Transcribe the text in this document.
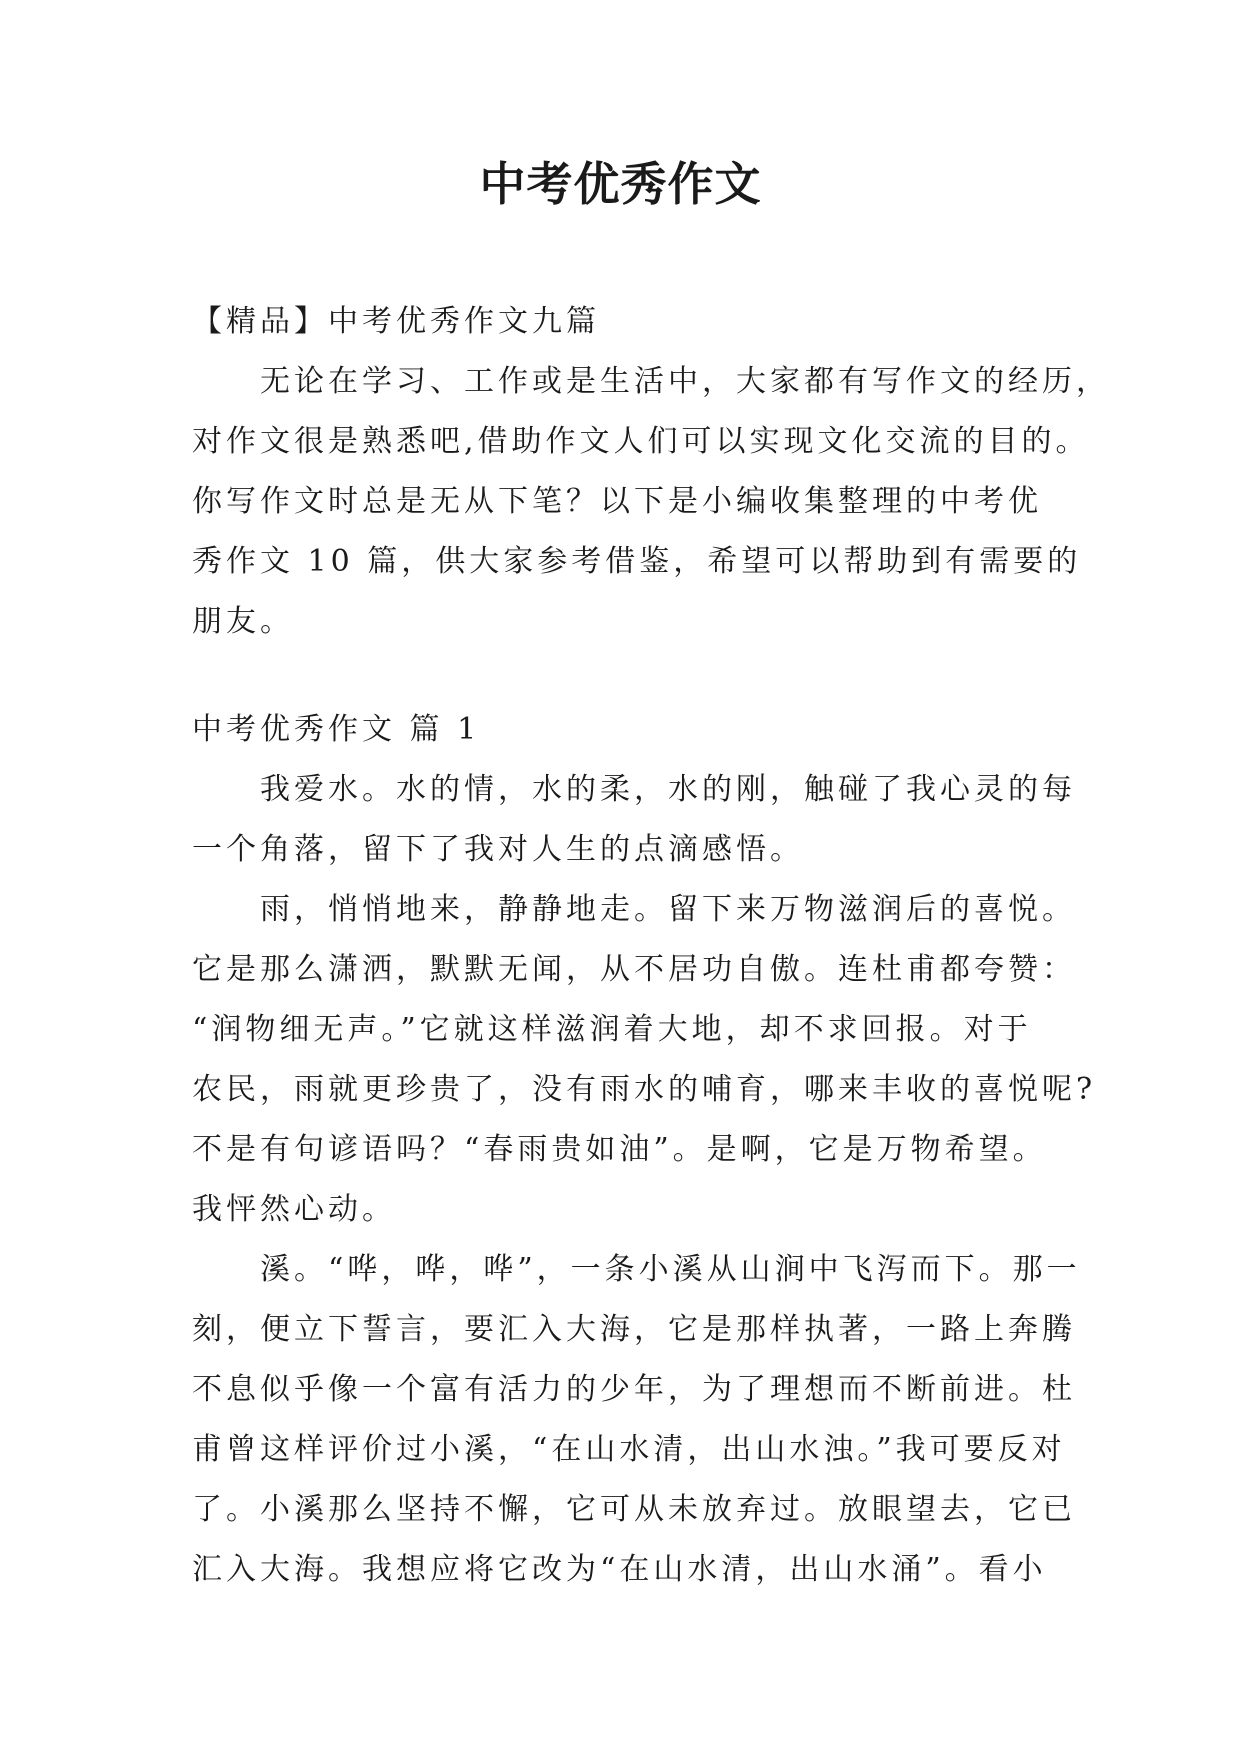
中考优秀作文
【精品】中考优秀作文九篇
　　无论在学习、工作或是生活中，大家都有写作文的经历，
对作文很是熟悉吧,借助作文人们可以实现文化交流的目的。
你写作文时总是无从下笔？以下是小编收集整理的中考优
秀作文 10 篇，供大家参考借鉴，希望可以帮助到有需要的
朋友。
中考优秀作文 篇 1
　　我爱水。水的情，水的柔，水的刚，触碰了我心灵的每
一个角落，留下了我对人生的点滴感悟。
　　雨，悄悄地来，静静地走。留下来万物滋润后的喜悦。
它是那么潇洒，默默无闻，从不居功自傲。连杜甫都夸赞：
“润物细无声。”它就这样滋润着大地，却不求回报。对于
农民，雨就更珍贵了，没有雨水的哺育，哪来丰收的喜悦呢?
不是有句谚语吗？“春雨贵如油”。是啊，它是万物希望。
我怦然心动。
　　溪。“哗，哗，哗”，一条小溪从山涧中飞泻而下。那一
刻，便立下誓言，要汇入大海，它是那样执著，一路上奔腾
不息似乎像一个富有活力的少年，为了理想而不断前进。杜
甫曾这样评价过小溪，“在山水清，出山水浊。”我可要反对
了。小溪那么坚持不懈，它可从未放弃过。放眼望去，它已
汇入大海。我想应将它改为“在山水清，出山水涌”。看小
